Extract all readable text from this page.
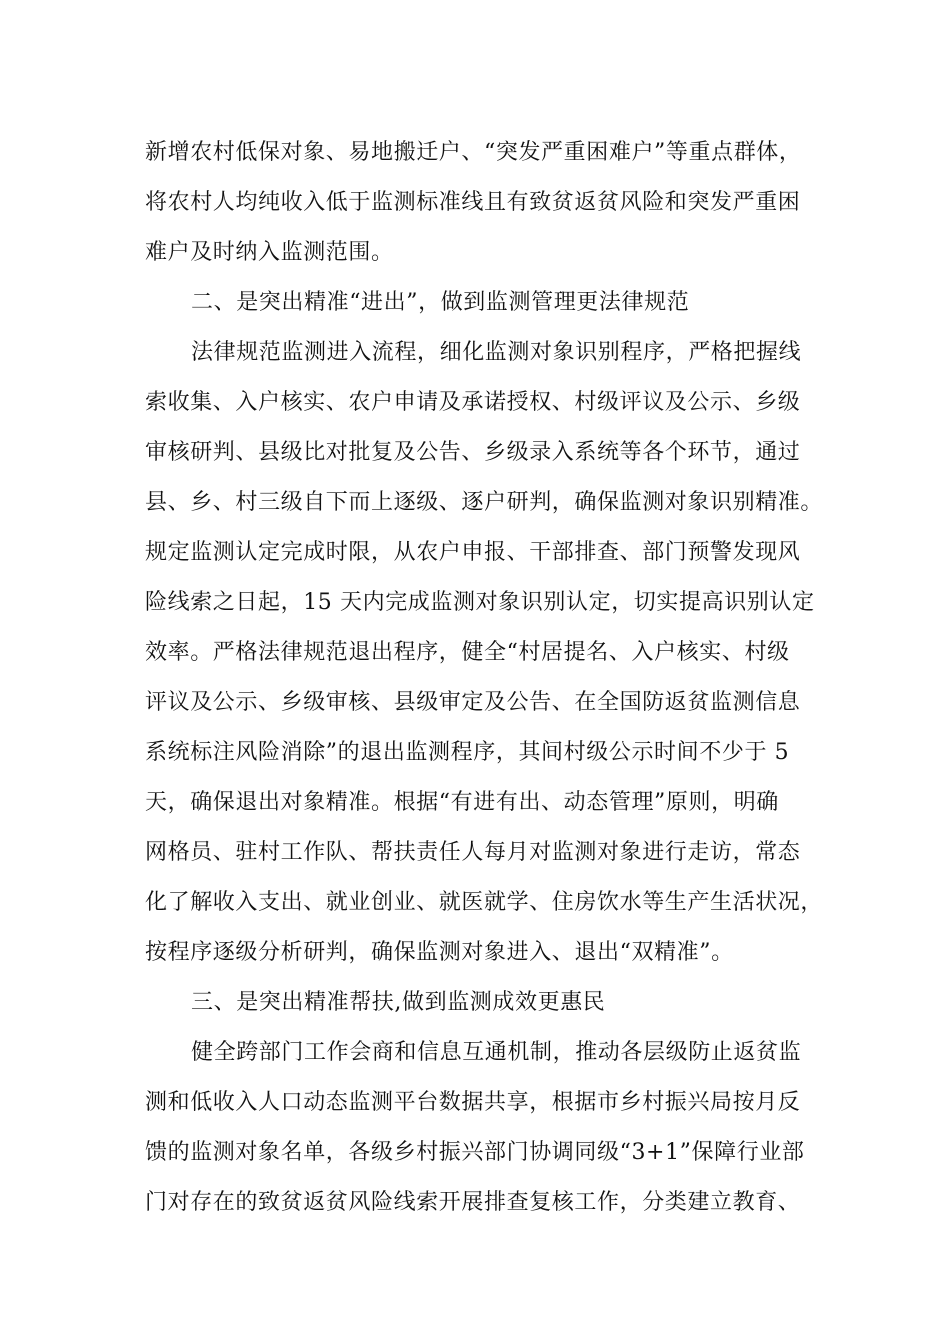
新增农村低保对象、易地搬迁户、“突发严重困难户”等重点群体，
将农村人均纯收入低于监测标准线且有致贫返贫风险和突发严重困
难户及时纳入监测范围。
二、是突出精准“进出”，做到监测管理更法律规范
法律规范监测进入流程，细化监测对象识别程序，严格把握线
索收集、入户核实、农户申请及承诺授权、村级评议及公示、乡级
审核研判、县级比对批复及公告、乡级录入系统等各个环节，通过
县、乡、村三级自下而上逐级、逐户研判，确保监测对象识别精准。
规定监测认定完成时限，从农户申报、干部排查、部门预警发现风
险线索之日起，15 天内完成监测对象识别认定，切实提高识别认定
效率。严格法律规范退出程序，健全“村居提名、入户核实、村级
评议及公示、乡级审核、县级审定及公告、在全国防返贫监测信息
系统标注风险消除”的退出监测程序，其间村级公示时间不少于 5
天，确保退出对象精准。根据“有进有出、动态管理”原则，明确
网格员、驻村工作队、帮扶责任人每月对监测对象进行走访，常态
化了解收入支出、就业创业、就医就学、住房饮水等生产生活状况，
按程序逐级分析研判，确保监测对象进入、退出“双精准”。
三、是突出精准帮扶,做到监测成效更惠民
健全跨部门工作会商和信息互通机制，推动各层级防止返贫监
测和低收入人口动态监测平台数据共享，根据市乡村振兴局按月反
馈的监测对象名单，各级乡村振兴部门协调同级“3+1”保障行业部
门对存在的致贫返贫风险线索开展排查复核工作，分类建立教育、
